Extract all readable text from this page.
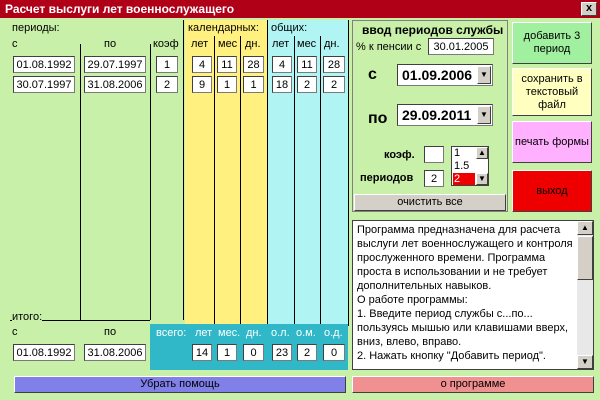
Расчет выслуги лет военнослужащего	x
периоды:
с	по	коэф
календарных:
лет мес дн.
общих:
лет мес дн.
01.08.1992	29.07.1997	1	4	11	28	4	11	28
30.07.1997	31.08.2006	2	9	1	1	18	2	2
итого:
с	по
01.08.1992	31.08.2006
всего: лет мес. дн. о.л. о.м. о.д.
14	1	0	23	2	0
ввод периодов службы
% к пенсии с	30.01.2005
с	01.09.2006 ▼
по	29.09.2011	▼
коэф.
периодов	2
1
1.5
2
▲
▼
очистить все
добавить 3 период
сохранить в текстовый файл
печать формы
выход
Программа предназначена для расчета
выслуги лет военнослужащего и контроля
прослуженного времени. Программа
проста в использовании и не требует
дополнительных навыков.
О работе программы:
1. Введите период службы с...по...
пользуясь мышью или клавишами вверх,
вниз, влево, вправо.
2. Нажать кнопку "Добавить период".
▲
▼
Убрать помощь	о программе
